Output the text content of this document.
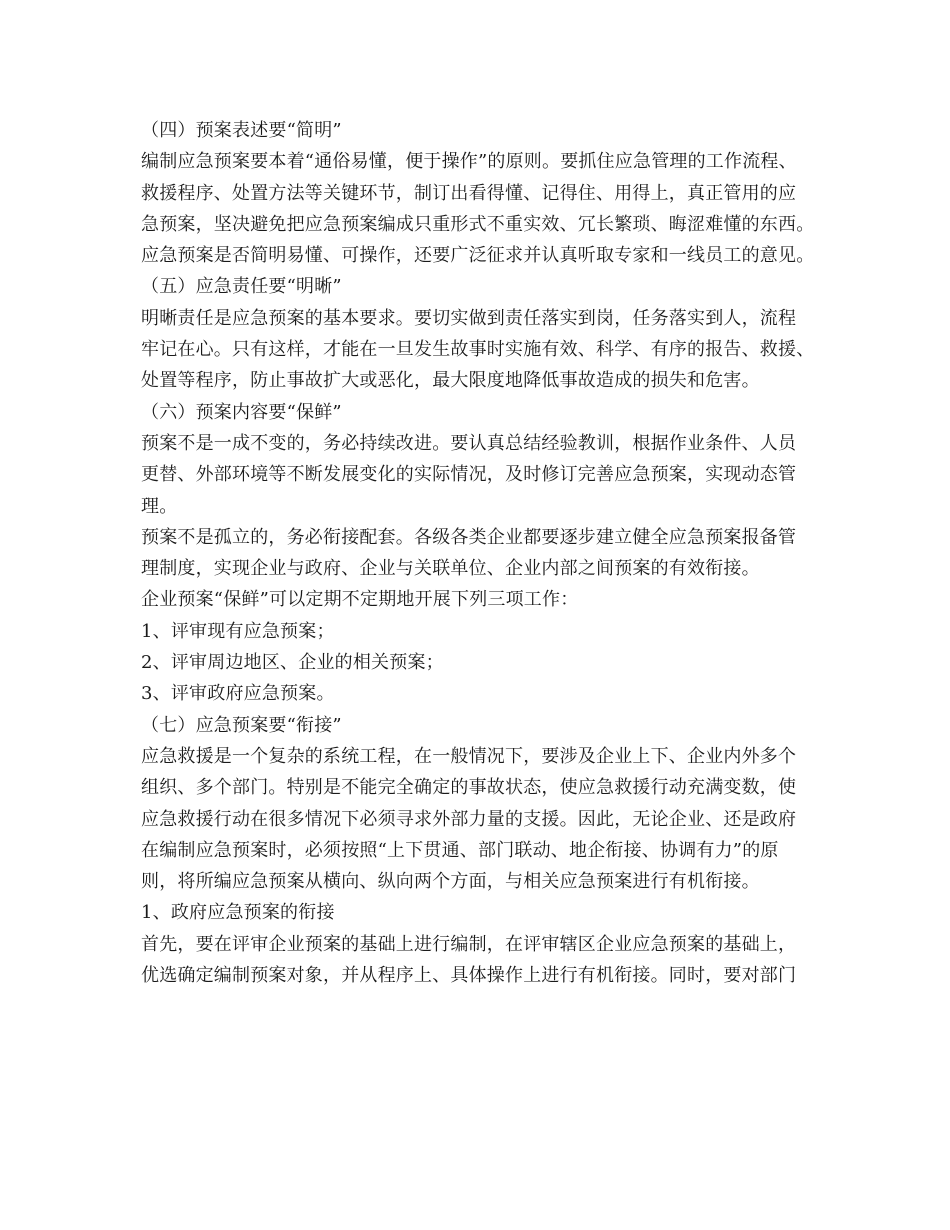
（四）预案表述要“简明”
编制应急预案要本着“通俗易懂，便于操作”的原则。要抓住应急管理的工作流程、
救援程序、处置方法等关键环节，制订出看得懂、记得住、用得上，真正管用的应
急预案，坚决避免把应急预案编成只重形式不重实效、冗长繁琐、晦涩难懂的东西。
应急预案是否简明易懂、可操作，还要广泛征求并认真听取专家和一线员工的意见。
（五）应急责任要“明晰”
明晰责任是应急预案的基本要求。要切实做到责任落实到岗，任务落实到人，流程
牢记在心。只有这样，才能在一旦发生故事时实施有效、科学、有序的报告、救援、
处置等程序，防止事故扩大或恶化，最大限度地降低事故造成的损失和危害。
（六）预案内容要“保鲜”
预案不是一成不变的，务必持续改进。要认真总结经验教训，根据作业条件、人员
更替、外部环境等不断发展变化的实际情况，及时修订完善应急预案，实现动态管
理。
预案不是孤立的，务必衔接配套。各级各类企业都要逐步建立健全应急预案报备管
理制度，实现企业与政府、企业与关联单位、企业内部之间预案的有效衔接。
企业预案“保鲜”可以定期不定期地开展下列三项工作：
1、评审现有应急预案；
2、评审周边地区、企业的相关预案；
3、评审政府应急预案。
（七）应急预案要“衔接”
应急救援是一个复杂的系统工程，在一般情况下，要涉及企业上下、企业内外多个
组织、多个部门。特别是不能完全确定的事故状态，使应急救援行动充满变数，使
应急救援行动在很多情况下必须寻求外部力量的支援。因此，无论企业、还是政府
在编制应急预案时，必须按照“上下贯通、部门联动、地企衔接、协调有力”的原
则，将所编应急预案从横向、纵向两个方面，与相关应急预案进行有机衔接。
1、政府应急预案的衔接
首先，要在评审企业预案的基础上进行编制，在评审辖区企业应急预案的基础上，
优选确定编制预案对象，并从程序上、具体操作上进行有机衔接。同时，要对部门
